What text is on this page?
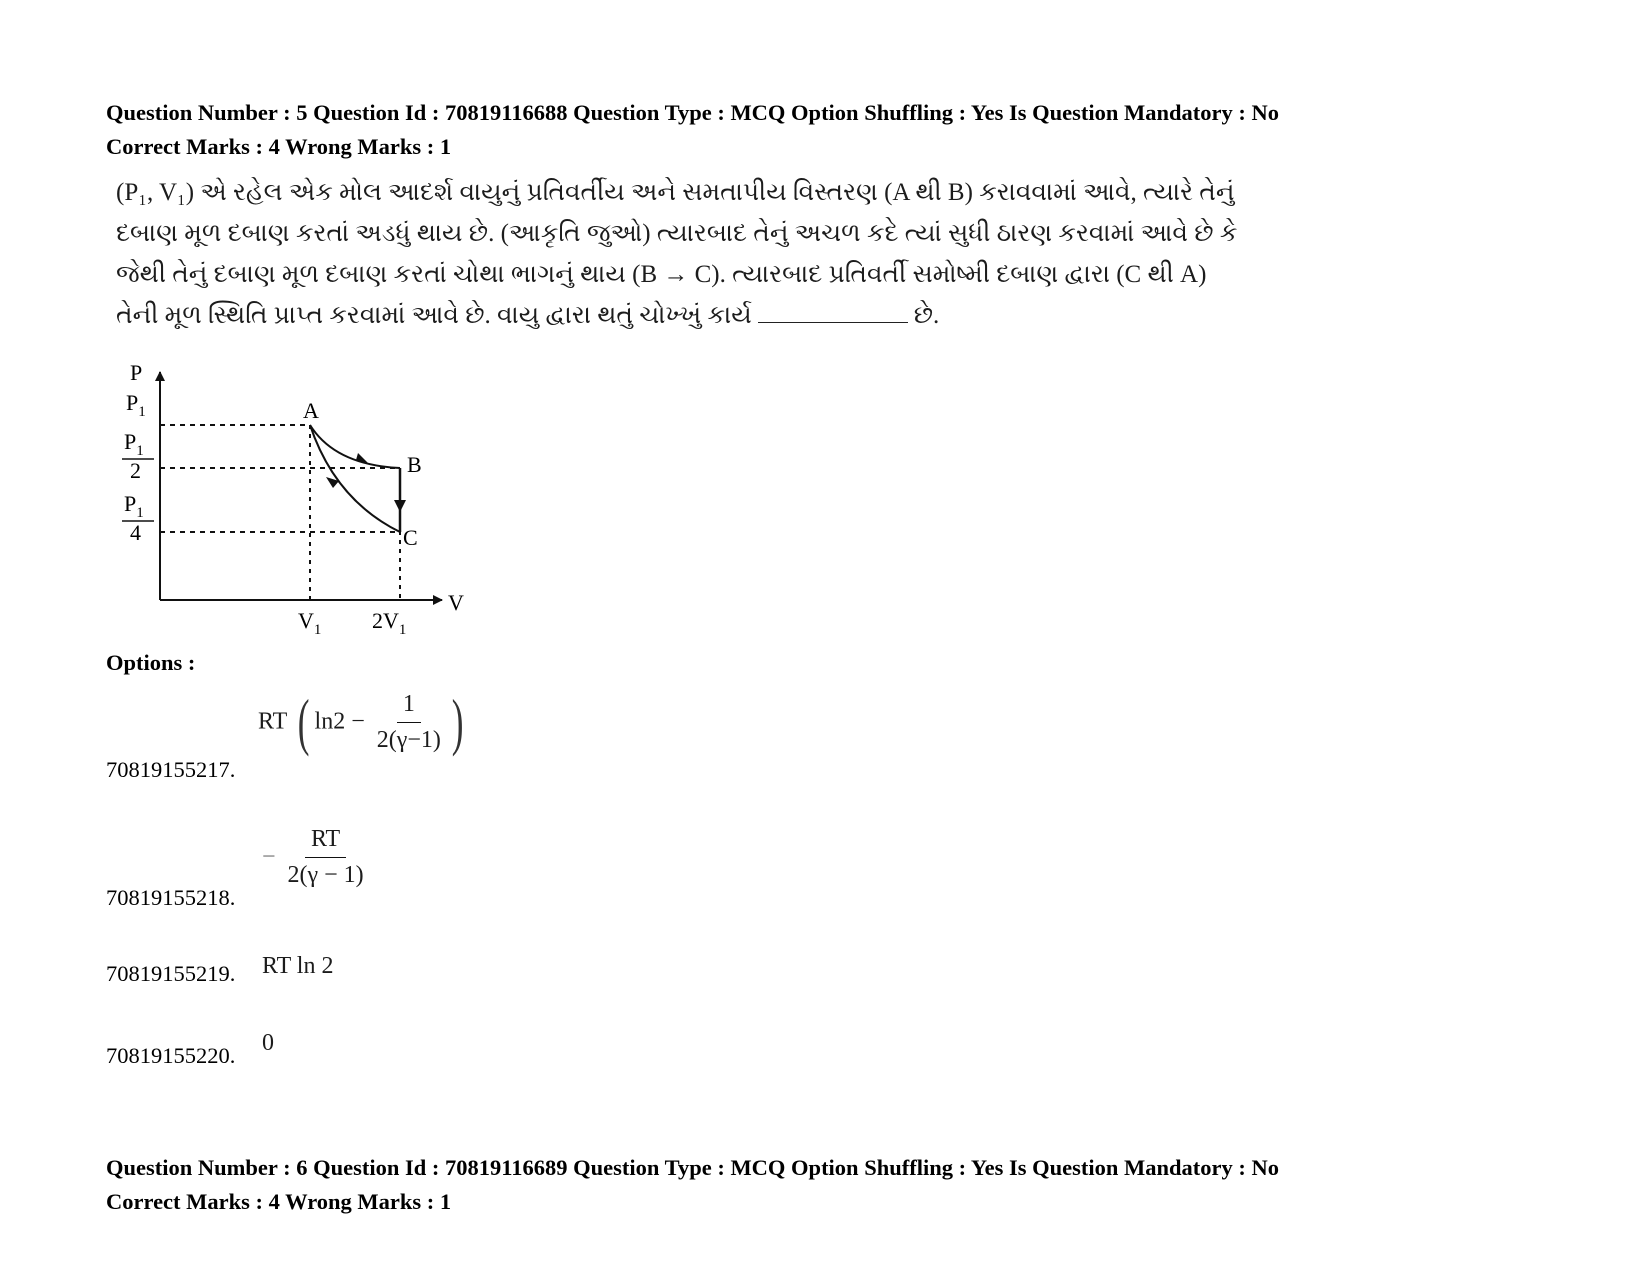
Question Number : 5 Question Id : 70819116688 Question Type : MCQ Option Shuffling : Yes Is Question Mandatory : No
Correct Marks : 4 Wrong Marks : 1

(P₁, V₁) એ રહેલ એક મોલ આદર્શ વાયુનું પ્રતિવર્તીય અને સમતાપીય વિસ્તરણ (A થી B) કરાવવામાં આવે, ત્યારે તેનું

દબાણ મૂળ દબાણ કરતાં અડધું થાય છે. (આકૃતિ જુઓ) ત્યારબાદ તેનું અચળ કદે ત્યાં સુધી ઠારણ કરવામાં આવે છે કે

જેથી તેનું દબાણ મૂળ દબાણ કરતાં ચોથા ભાગનું થાય (B → C). ત્યારબાદ પ્રતિવર્તી સમોષ્મી દબાણ દ્વારા (C થી A)

તેની મૂળ સ્થિતિ પ્રાપ્ત કરવામાં આવે છે. વાયુ દ્વારા થતું ચોખ્ખું કાર્ય	છે.

P
V
$P_1$
$P_1$
2
$P_1$
4
$V_1$ $2V_1$
A
B
C
Options :
70819155217.
RT ( $\ln 2 - \frac{1}{2(\gamma-1)}$ )
70819155218.
− $\frac{RT}{2(\gamma - 1)}$
70819155219. RT ln 2
70819155220. 0
Question Number : 6 Question Id : 70819116689 Question Type : MCQ Option Shuffling : Yes Is Question Mandatory : No
Correct Marks : 4 Wrong Marks : 1
